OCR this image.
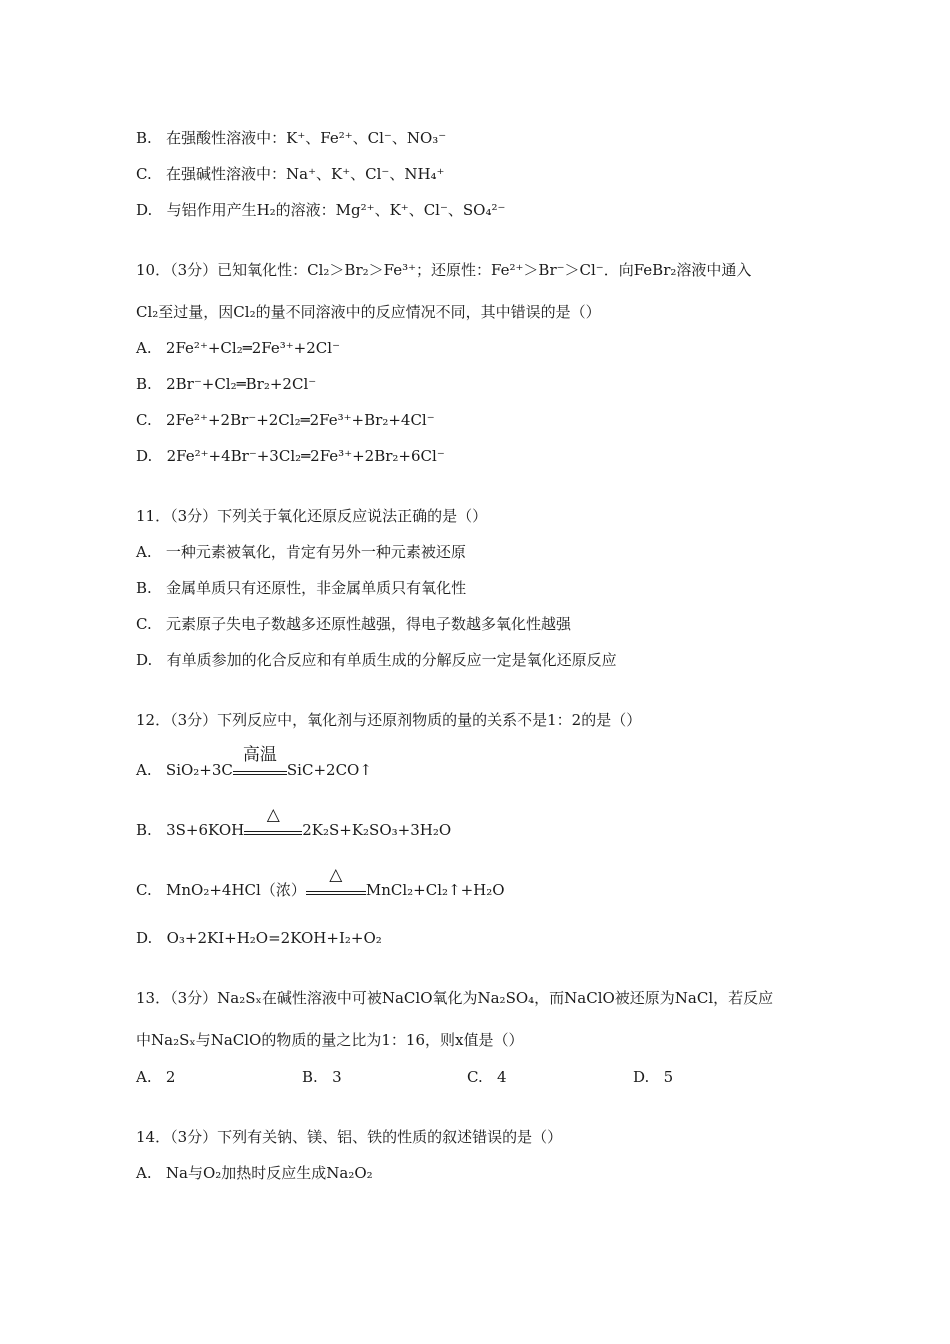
B. 在强酸性溶液中：K⁺、Fe²⁺、Cl⁻、NO₃⁻
C. 在强碱性溶液中：Na⁺、K⁺、Cl⁻、NH₄⁺
D. 与铝作用产生H₂的溶液：Mg²⁺、K⁺、Cl⁻、SO₄²⁻
10．（3分）已知氧化性：Cl₂＞Br₂＞Fe³⁺；还原性：Fe²⁺＞Br⁻＞Cl⁻．向FeBr₂溶液中通入
Cl₂至过量，因Cl₂的量不同溶液中的反应情况不同，其中错误的是（）
A. 2Fe²⁺+Cl₂═2Fe³⁺+2Cl⁻
B. 2Br⁻+Cl₂═Br₂+2Cl⁻
C. 2Fe²⁺+2Br⁻+2Cl₂═2Fe³⁺+Br₂+4Cl⁻
D. 2Fe²⁺+4Br⁻+3Cl₂═2Fe³⁺+2Br₂+6Cl⁻
11．（3分）下列关于氧化还原反应说法正确的是（）
A. 一种元素被氧化，肯定有另外一种元素被还原
B. 金属单质只有还原性，非金属单质只有氧化性
C. 元素原子失电子数越多还原性越强，得电子数越多氧化性越强
D. 有单质参加的化合反应和有单质生成的分解反应一定是氧化还原反应
12．（3分）下列反应中，氧化剂与还原剂物质的量的关系不是1：2的是（）
A. SiO₂+3C
高温
SiC+2CO↑
B. 3S+6KOH
△
2K₂S+K₂SO₃+3H₂O
C. MnO₂+4HCl（浓）
△
MnCl₂+Cl₂↑+H₂O
D. O₃+2KI+H₂O=2KOH+I₂+O₂
13．（3分）Na₂Sₓ在碱性溶液中可被NaClO氧化为Na₂SO₄，而NaClO被还原为NaCl，若反应
中Na₂Sₓ与NaClO的物质的量之比为1：16，则x值是（）
A. 2	B. 3	C. 4	D. 5
14．（3分）下列有关钠、镁、铝、铁的性质的叙述错误的是（）
A. Na与O₂加热时反应生成Na₂O₂
